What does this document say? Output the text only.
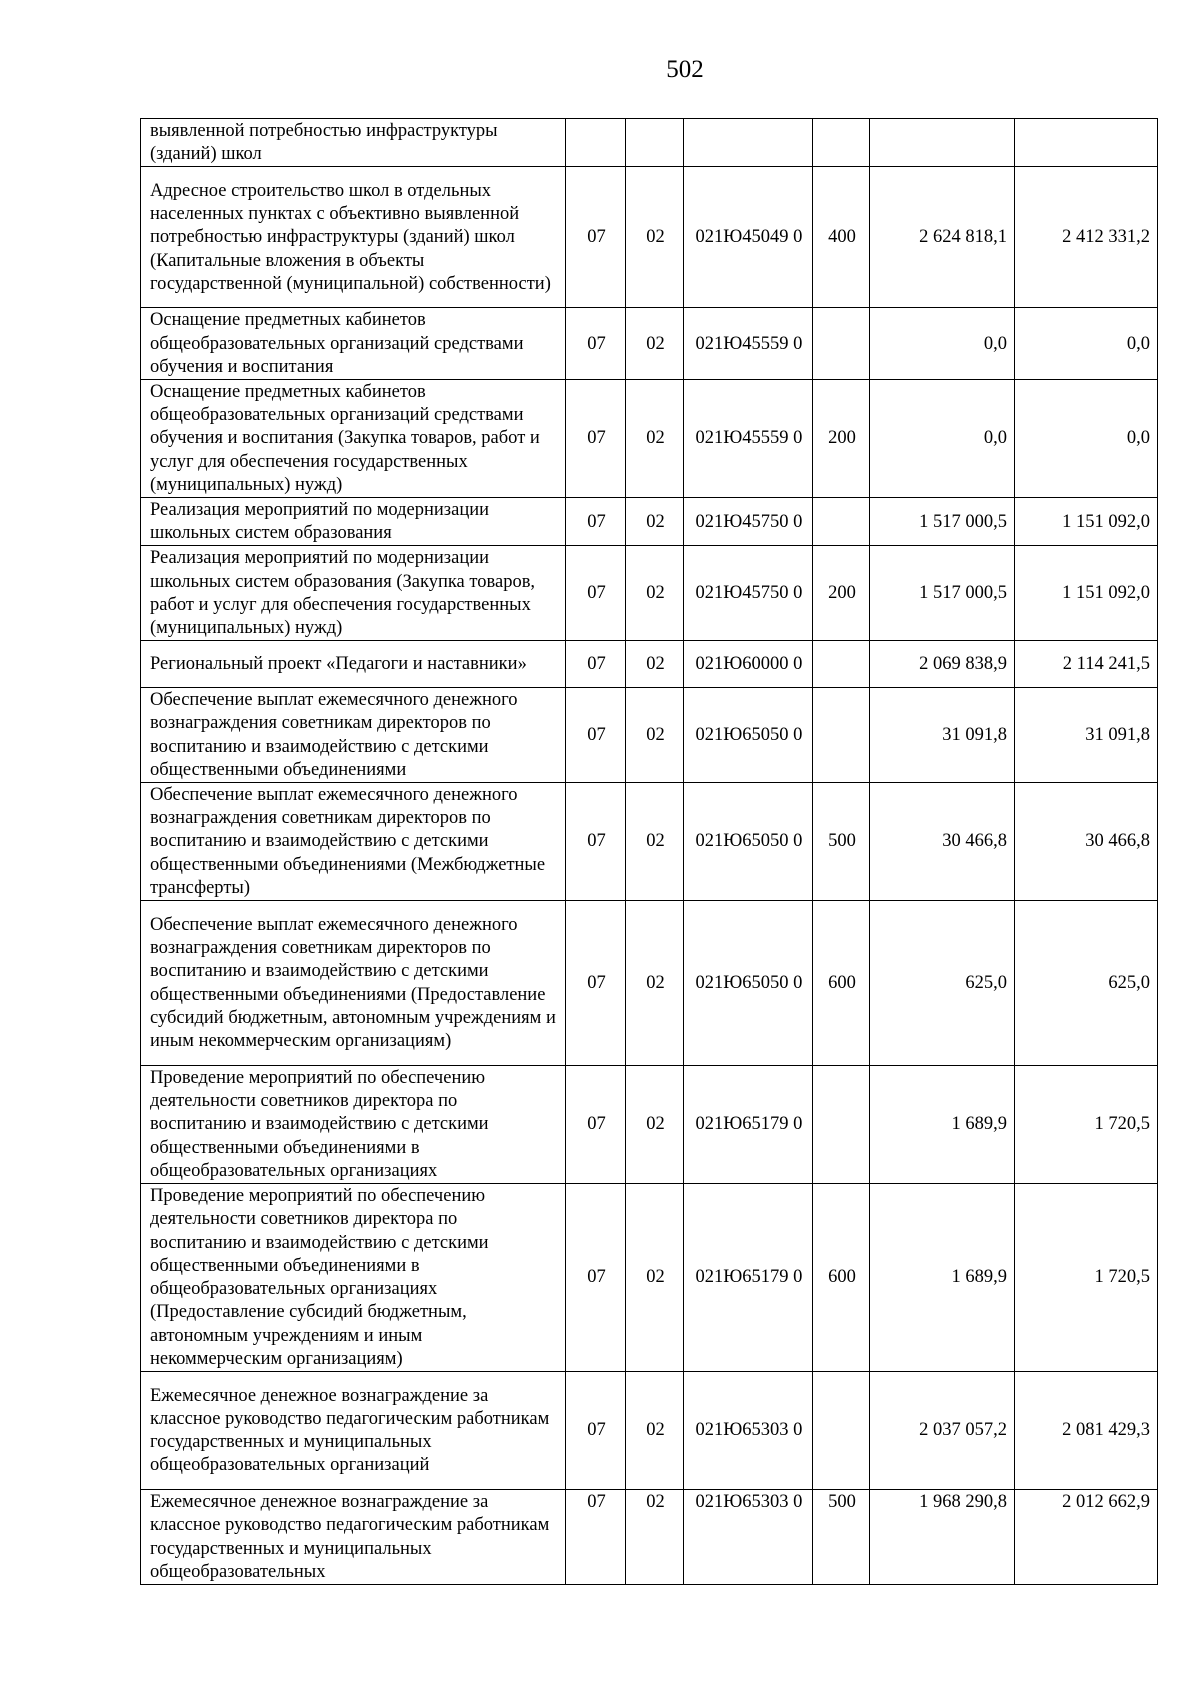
502
выявленной потребностью инфраструктуры (зданий) школ						
Адресное строительство школ в отдельных населенных пунктах с объективно выявленной потребностью инфраструктуры (зданий) школ (Капитальные вложения в объекты государственной (муниципальной) собственности)	07	02	021Ю45049 0	400	2 624 818,1	2 412 331,2
Оснащение предметных кабинетов общеобразовательных организаций средствами обучения и воспитания	07	02	021Ю45559 0		0,0	0,0
Оснащение предметных кабинетов общеобразовательных организаций средствами обучения и воспитания (Закупка товаров, работ и услуг для обеспечения государственных (муниципальных) нужд)	07	02	021Ю45559 0	200	0,0	0,0
Реализация мероприятий по модернизации школьных систем образования	07	02	021Ю45750 0		1 517 000,5	1 151 092,0
Реализация мероприятий по модернизации школьных систем образования (Закупка товаров, работ и услуг для обеспечения государственных (муниципальных) нужд)	07	02	021Ю45750 0	200	1 517 000,5	1 151 092,0
Региональный проект «Педагоги и наставники»	07	02	021Ю60000 0		2 069 838,9	2 114 241,5
Обеспечение выплат ежемесячного денежного вознаграждения советникам директоров по воспитанию и взаимодействию с детскими общественными объединениями	07	02	021Ю65050 0		31 091,8	31 091,8
Обеспечение выплат ежемесячного денежного вознаграждения советникам директоров по воспитанию и взаимодействию с детскими общественными объединениями (Межбюджетные трансферты)	07	02	021Ю65050 0	500	30 466,8	30 466,8
Обеспечение выплат ежемесячного денежного вознаграждения советникам директоров по воспитанию и взаимодействию с детскими общественными объединениями (Предоставление субсидий бюджетным, автономным учреждениям и иным некоммерческим организациям)	07	02	021Ю65050 0	600	625,0	625,0
Проведение мероприятий по обеспечению деятельности советников директора по воспитанию и взаимодействию с детскими общественными объединениями в общеобразовательных организациях	07	02	021Ю65179 0		1 689,9	1 720,5
Проведение мероприятий по обеспечению деятельности советников директора по воспитанию и взаимодействию с детскими общественными объединениями в общеобразовательных организациях (Предоставление субсидий бюджетным, автономным учреждениям и иным некоммерческим организациям)	07	02	021Ю65179 0	600	1 689,9	1 720,5
Ежемесячное денежное вознаграждение за классное руководство педагогическим работникам государственных и муниципальных общеобразовательных организаций	07	02	021Ю65303 0		2 037 057,2	2 081 429,3
Ежемесячное денежное вознаграждение за классное руководство педагогическим работникам государственных и муниципальных общеобразовательных	07	02	021Ю65303 0	500	1 968 290,8	2 012 662,9
